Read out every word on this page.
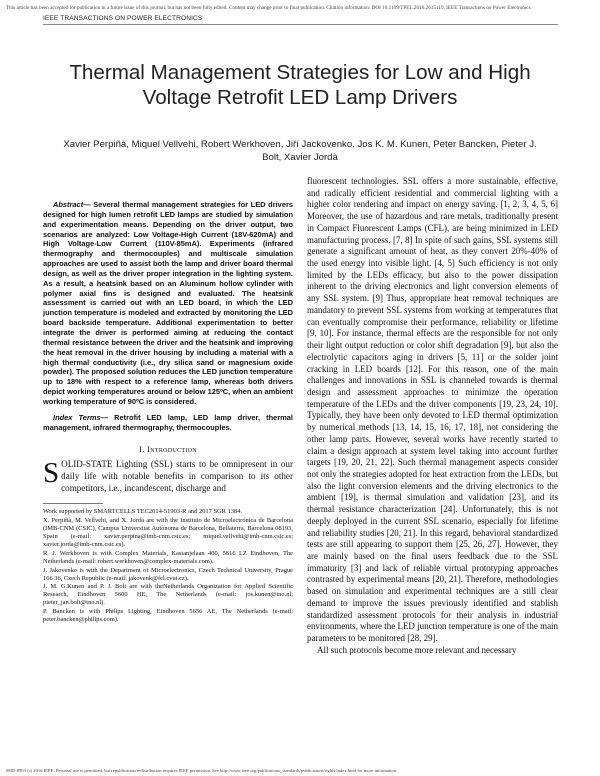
This article has been accepted for publication in a future issue of this journal, but has not been fully edited. Content may change prior to final publication. Citation information: DOI 10.1109/TPEL.2016.2615119, IEEE Transactions on Power Electronics
IEEE TRANSACTIONS ON POWER ELECTRONICS
Thermal Management Strategies for Low and High Voltage Retrofit LED Lamp Drivers
Xavier Perpiñà, Miquel Vellvehi, Robert Werkhoven, Jiří Jackovenko, Jos K. M. Kunen, Peter Bancken, Pieter J. Bolt, Xavier Jordà

Abstract— Several thermal management strategies for LED drivers designed for high lumen retrofit LED lamps are studied by simulation and experimentation means. Depending on the driver output, two scenarios are analyzed: Low Voltage-High Current (18V-620mA) and High Voltage-Low Current (110V-85mA). Experiments (infrared thermography and thermocouples) and multiscale simulation approaches are used to assist both the lamp and driver board thermal design, as well as the driver proper integration in the lighting system. As a result, a heatsink based on an Aluminum hollow cylinder with polymer axial fins is designed and evaluated. The heatsink assessment is carried out with an LED board, in which the LED junction temperature is modeled and extracted by monitoring the LED board backside temperature. Additional experimentation to better integrate the driver is performed aiming at reducing the contact thermal resistance between the driver and the heatsink and improving the heat removal in the driver housing by including a material with a high thermal conductivity (i.e., dry silica sand or magnesium oxide powder). The proposed solution reduces the LED junction temperature up to 18% with respect to a reference lamp, whereas both drivers depict working temperatures around or below 125ºC, when an ambient working temperature of 90ºC is considered.

Index Terms— Retrofit LED lamp, LED lamp driver, thermal management, infrared thermography, thermocouples.

I. Introduction

SOLID-STATE Lighting (SSL) starts to be omnipresent in our daily life with notable benefits in comparison to its other competitors, i.e., incandescent, discharge and

Work supported by SMARTCELLS TEC2014-51903-R and 2017 SGR 1384.

X. Perpiñà, M. Vellvehi, and X. Jordà are with the Instituto de Microelectrónica de Barcelona (IMB-CNM (CSIC), Campus Universitat Autònoma de Barcelona, Bellaterra, Barcelona 08193, Spain (e-mail: xavier.perpina@imb-cnm.csic.es; miquel.vellvehi@imb-cnm.csic.es; xavier.jorda@imb-cnm.csic.es).

R. J. Werkhoven is with Complex Materials, Kastanjelaan 400, 5616 LZ Eindhoven, The Netherlands (e-mail: robert.werkhoven@complex-materials.com).

J. Jakovenko is with the Department of Microelectronics, Czech Technical University, Prague 166 36, Czech Republic (e-mail: jakovenk@fel.cvut.cz).

J. M. G.Kunen and P. J. Bolt are with theNetherlands Organization for Applied Scientific Research, Eindhoven 5600 HE, The Netherlands (e-mail: jos.kunen@tno.nl; pieter_jan.bolt@tno.nl).

P. Bancken is with Philips Lighting, Eindhoven 5656 AE, The Netherlands (e-mail: peter.bancken@philips.com).

fluorescent technologies. SSL offers a more sustainable, effective, and radically efficient residential and commercial lighting with a higher color rendering and impact on energy saving. [1, 2, 3, 4, 5, 6] Moreover, the use of hazardous and rare metals, traditionally present in Compact Fluorescent Lamps (CFL), are being minimized in LED manufacturing process. [7, 8] In spite of such gains, SSL systems still generate a significant amount of heat, as they convert 20%-40% of the used energy into visible light. [4, 5] Such efficiency is not only limited by the LEDs efficacy, but also to the power dissipation inherent to the driving electronics and light conversion elements of any SSL system. [9] Thus, appropriate heat removal techniques are mandatory to prevent SSL systems from working at temperatures that can eventually compromise their performance, reliability or lifetime [9, 10]. For instance, thermal effects are the responsible for not only their light output reduction or color shift degradation [9], but also the electrolytic capacitors aging in drivers [5, 11] or the solder joint cracking in LED boards [12]. For this reason, one of the main challenges and innovations in SSL is channeled towards is thermal design and assessment approaches to minimize the operation temperature of the LEDs and the driver components [19, 23, 24, 10]. Typically, they have been only devoted to LED thermal optimization by numerical methods [13, 14, 15, 16, 17, 18], not considering the other lamp parts. However, several works have recently started to claim a design approach at system level taking into account further targets [19, 20, 21, 22]. Such thermal management aspects consider not only the strategies adopted for heat extraction from the LEDs, but also the light conversion elements and the driving electronics to the ambient [19], is thermal simulation and validation [23], and its thermal resistance characterization [24]. Unfortunately, this is not deeply deployed in the current SSL scenario, especially for lifetime and reliability studies [20, 21]. In this regard, behavioral standardized tests are still appearing to support them [25, 26, 27]. However, they are mainly based on the final users feedback due to the SSL immaturity [3] and lack of reliable virtual prototyping approaches contrasted by experimental means [20, 21]. Therefore, methodologies based on simulation and experimental techniques are a still clear demand to improve the issues previously identified and stablish standardized assessment protocols for their analysis in industrial environments, where the LED junction temperature is one of the main parameters to be monitored [28, 29].

All such protocols become more relevant and necessary

0885-8993 (c) 2016 IEEE. Personal use is permitted, but republication/redistribution requires IEEE permission. See http://www.ieee.org/publications_standards/publications/rights/index.html for more information.
